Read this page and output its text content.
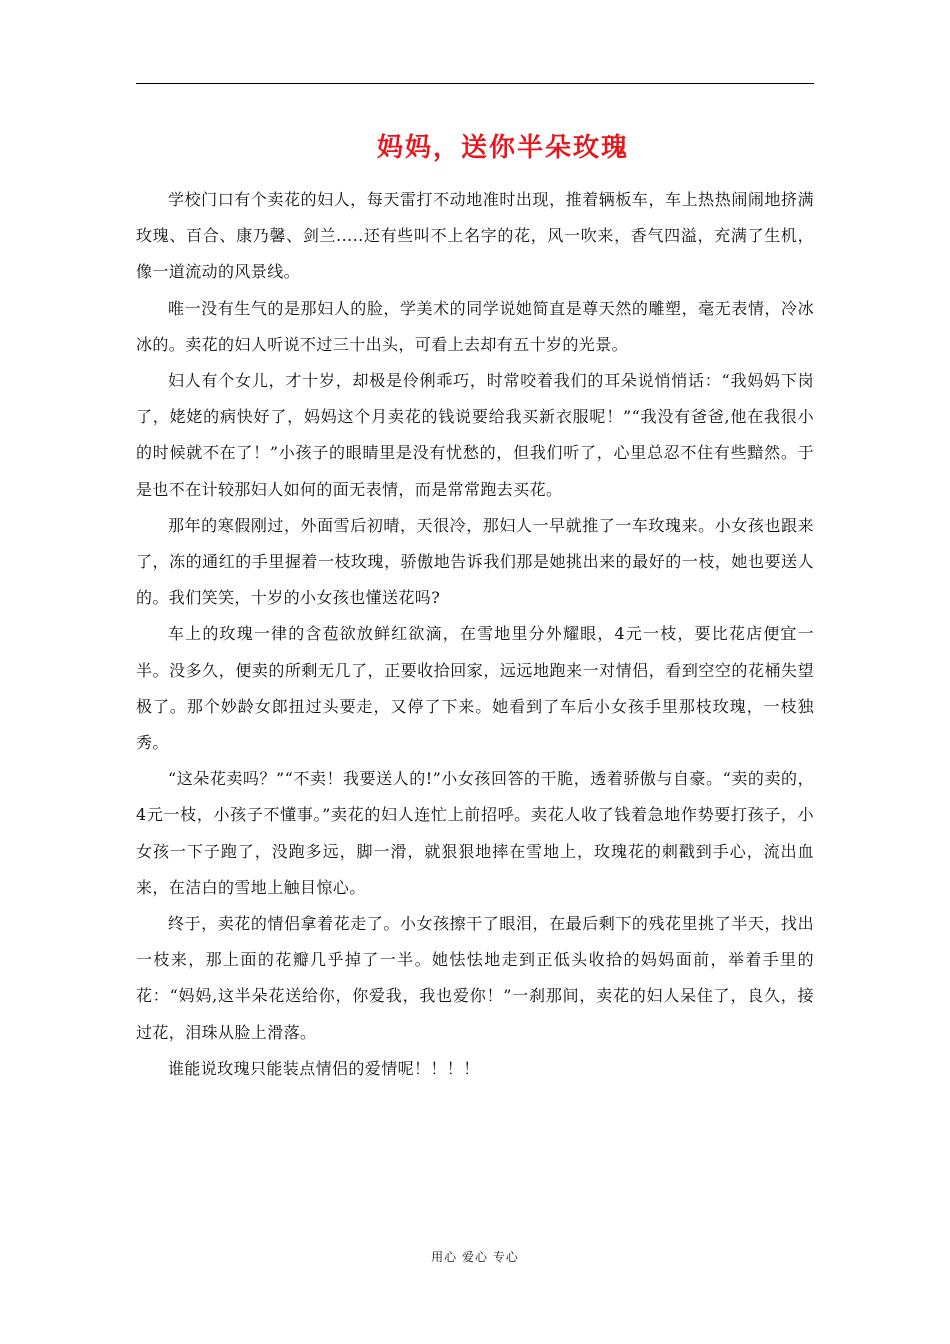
妈妈，送你半朵玫瑰

学校门口有个卖花的妇人，每天雷打不动地准时出现，推着辆板车，车上热热闹闹地挤满玫瑰、百合、康乃馨、剑兰.....还有些叫不上名字的花，风一吹来，香气四溢，充满了生机，像一道流动的风景线。

唯一没有生气的是那妇人的脸，学美术的同学说她简直是尊天然的雕塑，毫无表情，冷冰冰的。卖花的妇人听说不过三十出头，可看上去却有五十岁的光景。

妇人有个女儿，才十岁，却极是伶俐乖巧，时常咬着我们的耳朵说悄悄话：“我妈妈下岗了，姥姥的病快好了，妈妈这个月卖花的钱说要给我买新衣服呢！”“我没有爸爸,他在我很小的时候就不在了！”小孩子的眼睛里是没有忧愁的，但我们听了，心里总忍不住有些黯然。于是也不在计较那妇人如何的面无表情，而是常常跑去买花。

那年的寒假刚过，外面雪后初晴，天很冷，那妇人一早就推了一车玫瑰来。小女孩也跟来了，冻的通红的手里握着一枝玫瑰，骄傲地告诉我们那是她挑出来的最好的一枝，她也要送人的。我们笑笑，十岁的小女孩也懂送花吗?

车上的玫瑰一律的含苞欲放鲜红欲滴，在雪地里分外耀眼，4元一枝，要比花店便宜一半。没多久，便卖的所剩无几了，正要收拾回家，远远地跑来一对情侣，看到空空的花桶失望极了。那个妙龄女郎扭过头要走，又停了下来。她看到了车后小女孩手里那枝玫瑰，一枝独秀。

“这朵花卖吗？”“不卖！我要送人的!”小女孩回答的干脆，透着骄傲与自豪。“卖的卖的，4元一枝，小孩子不懂事。”卖花的妇人连忙上前招呼。卖花人收了钱着急地作势要打孩子，小女孩一下子跑了，没跑多远，脚一滑，就狠狠地摔在雪地上，玫瑰花的刺戳到手心，流出血来，在洁白的雪地上触目惊心。

终于，卖花的情侣拿着花走了。小女孩擦干了眼泪，在最后剩下的残花里挑了半天，找出一枝来，那上面的花瓣几乎掉了一半。她怯怯地走到正低头收拾的妈妈面前，举着手里的花：“妈妈,这半朵花送给你，你爱我，我也爱你！”一刹那间，卖花的妇人呆住了，良久，接过花，泪珠从脸上滑落。

谁能说玫瑰只能装点情侣的爱情呢！！！！

用心 爱心 专心
